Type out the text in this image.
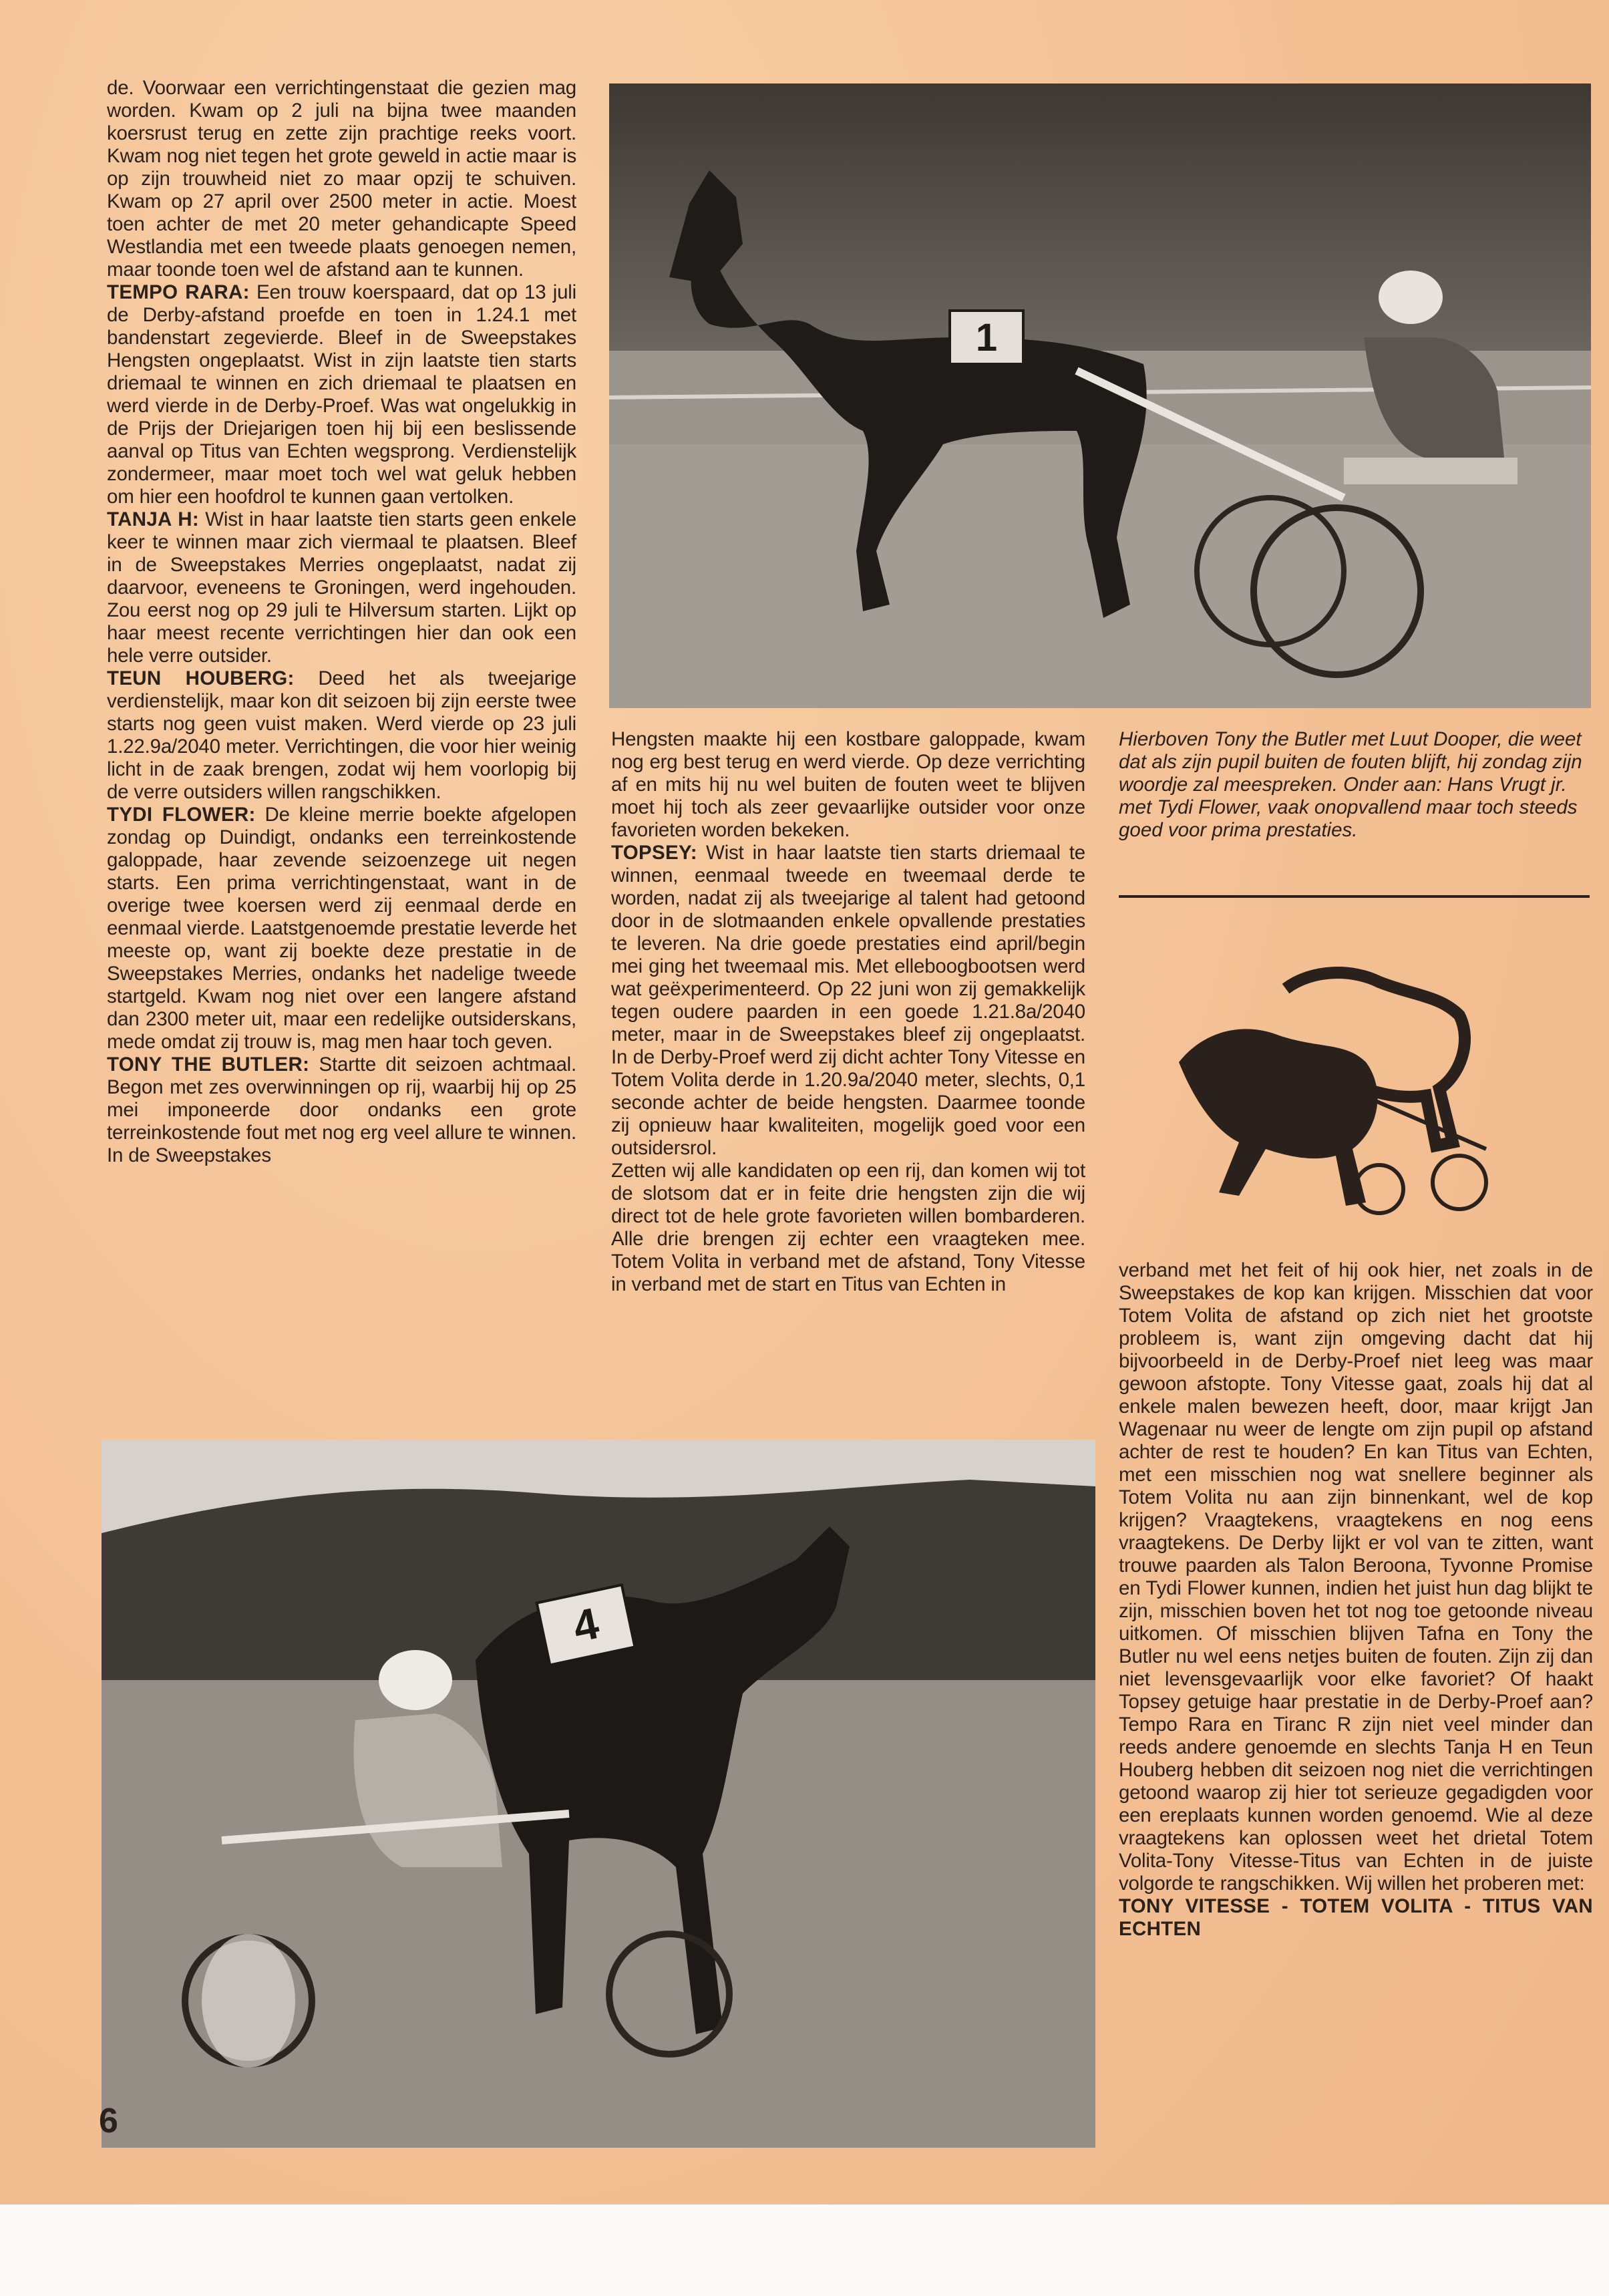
de. Voorwaar een verrichtingenstaat die gezien mag worden. Kwam op 2 juli na bijna twee maanden koersrust terug en zette zijn prachtige reeks voort. Kwam nog niet tegen het grote geweld in actie maar is op zijn trouwheid niet zo maar opzij te schuiven. Kwam op 27 april over 2500 meter in actie. Moest toen achter de met 20 meter gehandicapte Speed Westlandia met een tweede plaats genoegen nemen, maar toonde toen wel de afstand aan te kunnen.

TEMPO RARA: Een trouw koerspaard, dat op 13 juli de Derby-afstand proefde en toen in 1.24.1 met bandenstart zegevierde. Bleef in de Sweepstakes Hengsten ongeplaatst. Wist in zijn laatste tien starts driemaal te winnen en zich driemaal te plaatsen en werd vierde in de Derby-Proef. Was wat ongelukkig in de Prijs der Driejarigen toen hij bij een beslissende aanval op Titus van Echten wegsprong. Verdienstelijk zondermeer, maar moet toch wel wat geluk hebben om hier een hoofdrol te kunnen gaan vertolken.

TANJA H: Wist in haar laatste tien starts geen enkele keer te winnen maar zich viermaal te plaatsen. Bleef in de Sweepstakes Merries ongeplaatst, nadat zij daarvoor, eveneens te Groningen, werd ingehouden. Zou eerst nog op 29 juli te Hilversum starten. Lijkt op haar meest recente verrichtingen hier dan ook een hele verre outsider.

TEUN HOUBERG: Deed het als tweejarige verdienstelijk, maar kon dit seizoen bij zijn eerste twee starts nog geen vuist maken. Werd vierde op 23 juli 1.22.9a/2040 meter. Verrichtingen, die voor hier weinig licht in de zaak brengen, zodat wij hem voorlopig bij de verre outsiders willen rangschikken.

TYDI FLOWER: De kleine merrie boekte afgelopen zondag op Duindigt, ondanks een terreinkostende galoppade, haar zevende seizoenzege uit negen starts. Een prima verrichtingenstaat, want in de overige twee koersen werd zij eenmaal derde en eenmaal vierde. Laatstgenoemde prestatie leverde het meeste op, want zij boekte deze prestatie in de Sweepstakes Merries, ondanks het nadelige tweede startgeld. Kwam nog niet over een langere afstand dan 2300 meter uit, maar een redelijke outsiderskans, mede omdat zij trouw is, mag men haar toch geven.

TONY THE BUTLER: Startte dit seizoen achtmaal. Begon met zes overwinningen op rij, waarbij hij op 25 mei imponeerde door ondanks een grote terreinkostende fout met nog erg veel allure te winnen. In de Sweepstakes

1

Hengsten maakte hij een kostbare galoppade, kwam nog erg best terug en werd vierde. Op deze verrichting af en mits hij nu wel buiten de fouten weet te blijven moet hij toch als zeer gevaarlijke outsider voor onze favorieten worden bekeken.

TOPSEY: Wist in haar laatste tien starts driemaal te winnen, eenmaal tweede en tweemaal derde te worden, nadat zij als tweejarige al talent had getoond door in de slotmaanden enkele opvallende prestaties te leveren. Na drie goede prestaties eind april/begin mei ging het tweemaal mis. Met elleboogbootsen werd wat geëxperimenteerd. Op 22 juni won zij gemakkelijk tegen oudere paarden in een goede 1.21.8a/2040 meter, maar in de Sweepstakes bleef zij ongeplaatst. In de Derby-Proef werd zij dicht achter Tony Vitesse en Totem Volita derde in 1.20.9a/2040 meter, slechts, 0,1 seconde achter de beide hengsten. Daarmee toonde zij opnieuw haar kwaliteiten, mogelijk goed voor een outsidersrol.

Zetten wij alle kandidaten op een rij, dan komen wij tot de slotsom dat er in feite drie hengsten zijn die wij direct tot de hele grote favorieten willen bombarderen. Alle drie brengen zij echter een vraagteken mee. Totem Volita in verband met de afstand, Tony Vitesse in verband met de start en Titus van Echten in

Hierboven Tony the Butler met Luut Dooper, die weet dat als zijn pupil buiten de fouten blijft, hij zondag zijn woordje zal meespreken. Onder aan: Hans Vrugt jr. met Tydi Flower, vaak onopvallend maar toch steeds goed voor prima prestaties.

verband met het feit of hij ook hier, net zoals in de Sweepstakes de kop kan krijgen. Misschien dat voor Totem Volita de afstand op zich niet het grootste probleem is, want zijn omgeving dacht dat hij bijvoorbeeld in de Derby-Proef niet leeg was maar gewoon afstopte. Tony Vitesse gaat, zoals hij dat al enkele malen bewezen heeft, door, maar krijgt Jan Wagenaar nu weer de lengte om zijn pupil op afstand achter de rest te houden? En kan Titus van Echten, met een misschien nog wat snellere beginner als Totem Volita nu aan zijn binnenkant, wel de kop krijgen? Vraagtekens, vraagtekens en nog eens vraagtekens. De Derby lijkt er vol van te zitten, want trouwe paarden als Talon Beroona, Tyvonne Promise en Tydi Flower kunnen, indien het juist hun dag blijkt te zijn, misschien boven het tot nog toe getoonde niveau uitkomen. Of misschien blijven Tafna en Tony the Butler nu wel eens netjes buiten de fouten. Zijn zij dan niet levensgevaarlijk voor elke favoriet? Of haakt Topsey getuige haar prestatie in de Derby-Proef aan? Tempo Rara en Tiranc R zijn niet veel minder dan reeds andere genoemde en slechts Tanja H en Teun Houberg hebben dit seizoen nog niet die verrichtingen getoond waarop zij hier tot serieuze gegadigden voor een ereplaats kunnen worden genoemd. Wie al deze vraagtekens kan oplossen weet het drietal Totem Volita-Tony Vitesse-Titus van Echten in de juiste volgorde te rangschikken. Wij willen het proberen met:

TONY VITESSE - TOTEM VOLITA - TITUS VAN ECHTEN

4
6
